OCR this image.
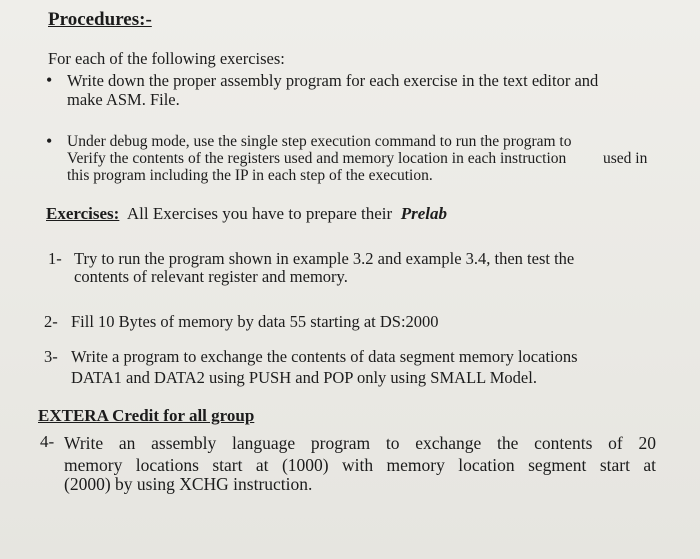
Procedures:-
For each of the following exercises:
• Write down the proper assembly program for each exercise in the text editor and
make ASM. File.
• Under debug mode, use the single step execution command to run the program to
Verify the contents of the registers used and memory location in each instruction used in
this program including the IP in each step of the execution.
Exercises: All Exercises you have to prepare their Prelab
1- Try to run the program shown in example 3.2 and example 3.4, then test the
contents of relevant register and memory.
2- Fill 10 Bytes of memory by data 55 starting at DS:2000
3- Write a program to exchange the contents of data segment memory locations
DATA1 and DATA2 using PUSH and POP only using SMALL Model.
EXTERA Credit for all group
4- Write an assembly language program to exchange the contents of 20
memory locations start at (1000) with memory location segment start at
(2000) by using XCHG instruction.
